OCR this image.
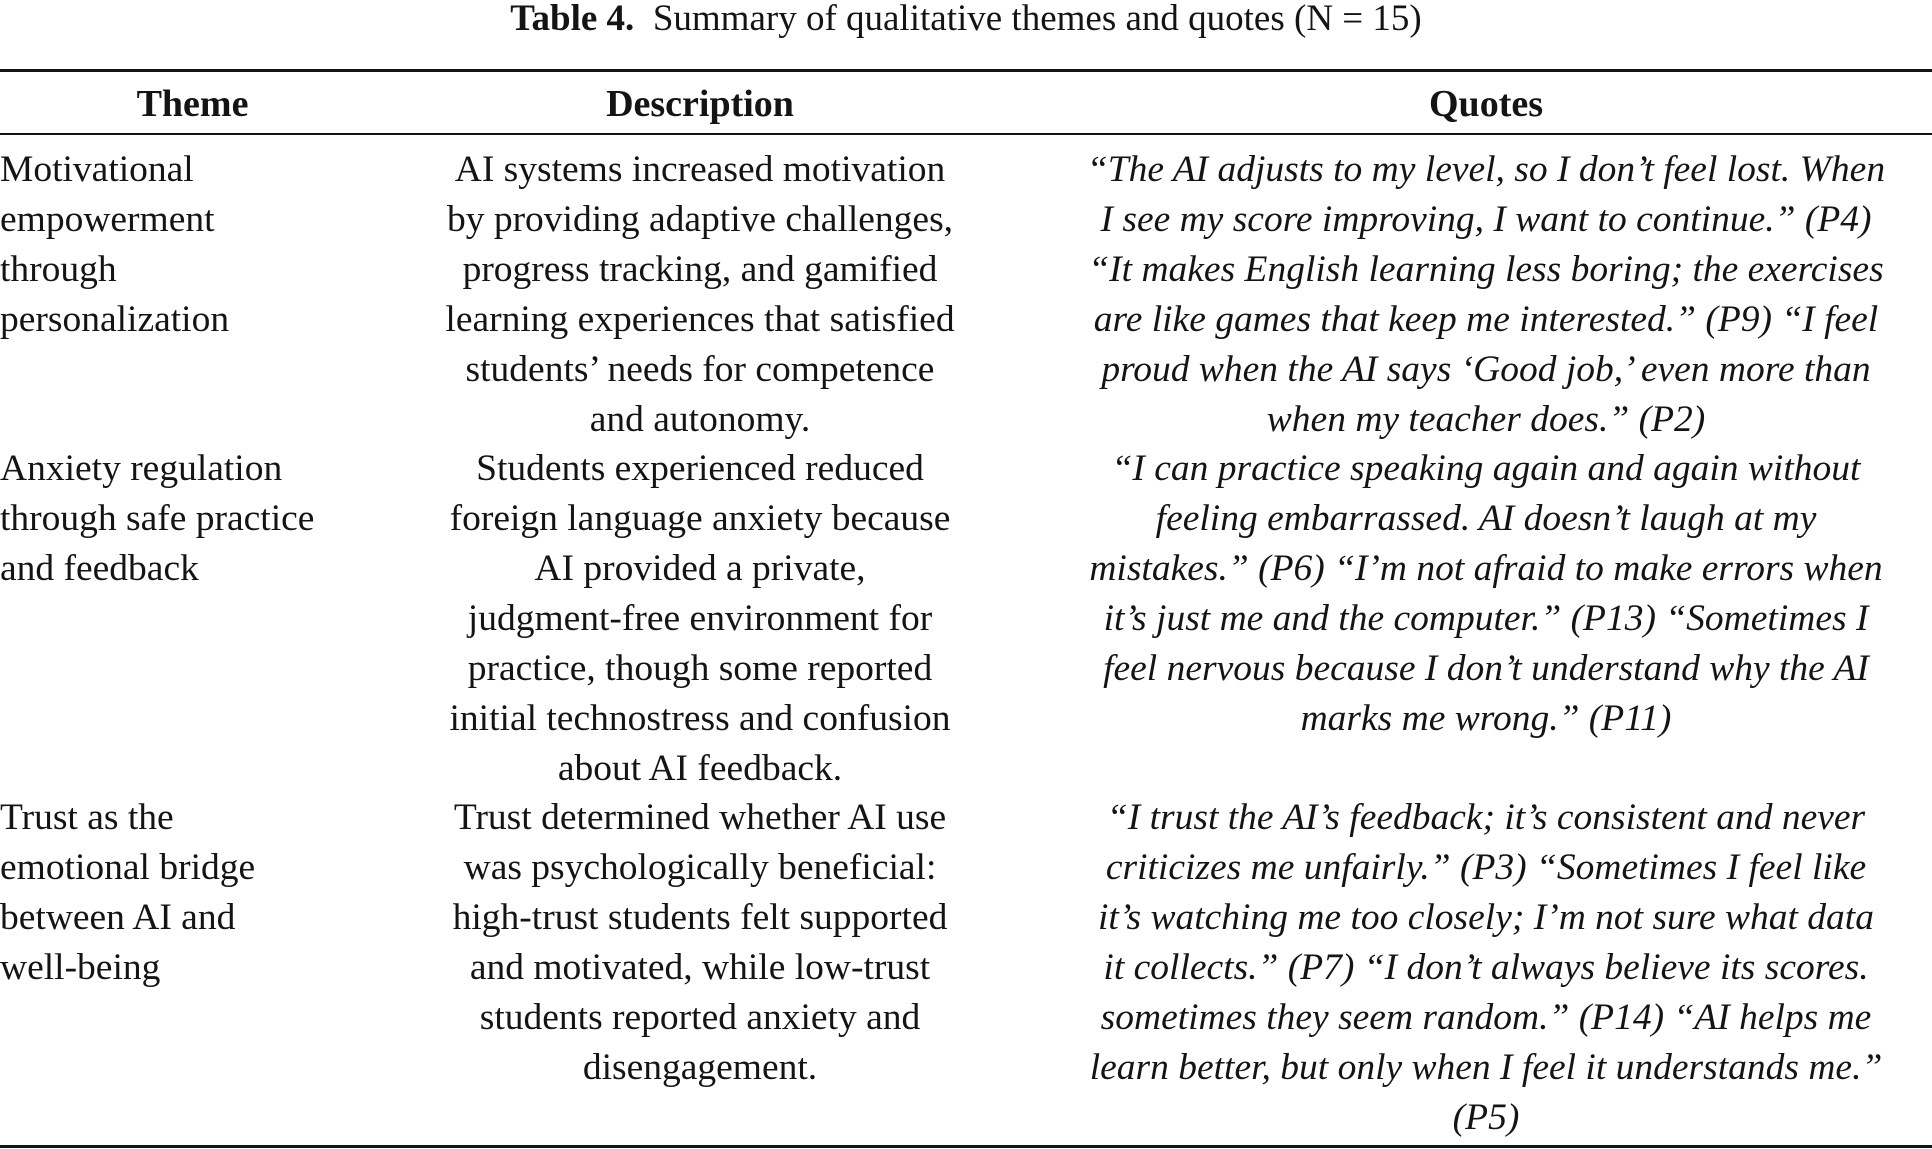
Table 4. Summary of qualitative themes and quotes (N = 15)
Theme	Description	Quotes
Motivational
empowerment
through
personalization
AI systems increased motivation
by providing adaptive challenges,
progress tracking, and gamified
learning experiences that satisfied
students’ needs for competence
and autonomy.
“The AI adjusts to my level, so I don’t feel lost. When
I see my score improving, I want to continue.” (P4)
“It makes English learning less boring; the exercises
are like games that keep me interested.” (P9) “I feel
proud when the AI says ‘Good job,’ even more than
when my teacher does.” (P2)
Anxiety regulation
through safe practice
and feedback
Students experienced reduced
foreign language anxiety because
AI provided a private,
judgment-free environment for
practice, though some reported
initial technostress and confusion
about AI feedback.
“I can practice speaking again and again without
feeling embarrassed. AI doesn’t laugh at my
mistakes.” (P6) “I’m not afraid to make errors when
it’s just me and the computer.” (P13) “Sometimes I
feel nervous because I don’t understand why the AI
marks me wrong.” (P11)
Trust as the
emotional bridge
between AI and
well-being
Trust determined whether AI use
was psychologically beneficial:
high-trust students felt supported
and motivated, while low-trust
students reported anxiety and
disengagement.
“I trust the AI’s feedback; it’s consistent and never
criticizes me unfairly.” (P3) “Sometimes I feel like
it’s watching me too closely; I’m not sure what data
it collects.” (P7) “I don’t always believe its scores.
sometimes they seem random.” (P14) “AI helps me
learn better, but only when I feel it understands me.”
(P5)
